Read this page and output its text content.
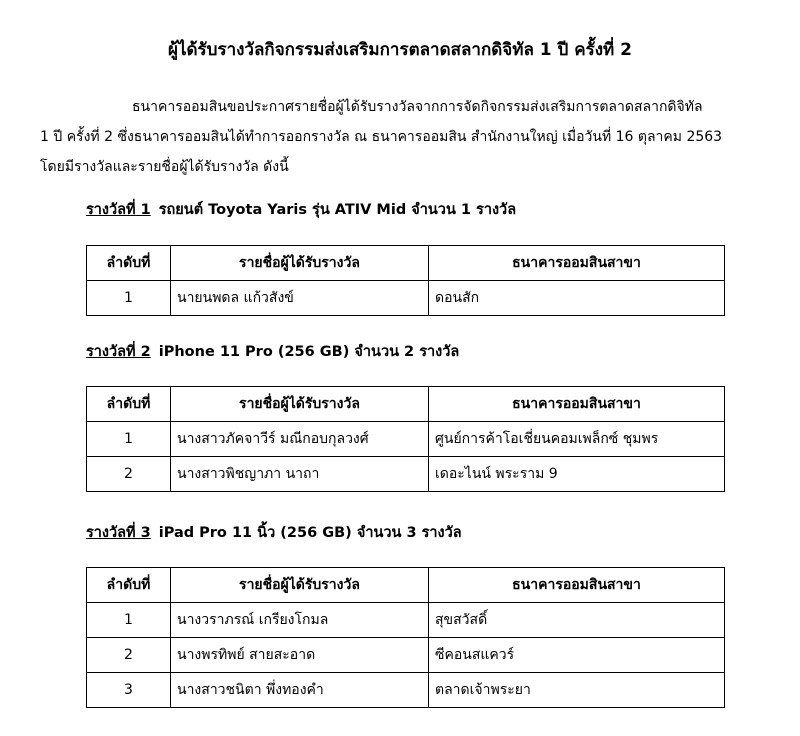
ผู้ได้รับรางวัลกิจกรรมส่งเสริมการตลาดสลากดิจิทัล 1 ปี ครั้งที่ 2
ธนาคารออมสินขอประกาศรายชื่อผู้ได้รับรางวัลจากการจัดกิจกรรมส่งเสริมการตลาดสลากดิจิทัล
1 ปี ครั้งที่ 2 ซึ่งธนาคารออมสินได้ทำการออกรางวัล ณ ธนาคารออมสิน สำนักงานใหญ่ เมื่อวันที่ 16 ตุลาคม 2563
โดยมีรางวัลและรายชื่อผู้ได้รับรางวัล ดังนี้
รางวัลที่ 1 รถยนต์ Toyota Yaris รุ่น ATIV Mid จำนวน 1 รางวัล
ลำดับที่	รายชื่อผู้ได้รับรางวัล	ธนาคารออมสินสาขา
1	นายนพดล แก้วสังข์	ดอนสัก
รางวัลที่ 2 iPhone 11 Pro (256 GB) จำนวน 2 รางวัล
ลำดับที่	รายชื่อผู้ได้รับรางวัล	ธนาคารออมสินสาขา
1	นางสาวภัคจาวีร์ มณีกอบกุลวงศ์	ศูนย์การค้าโอเชี่ยนคอมเพล็กซ์ ชุมพร
2	นางสาวพิชญาภา นาถา	เดอะไนน์ พระราม 9
รางวัลที่ 3 iPad Pro 11 นิ้ว (256 GB) จำนวน 3 รางวัล
ลำดับที่	รายชื่อผู้ได้รับรางวัล	ธนาคารออมสินสาขา
1	นางวราภรณ์ เกรียงโกมล	สุขสวัสดิ์
2	นางพรทิพย์ สายสะอาด	ซีคอนสแควร์
3	นางสาวชนิตา พึ่งทองคำ	ตลาดเจ้าพระยา
